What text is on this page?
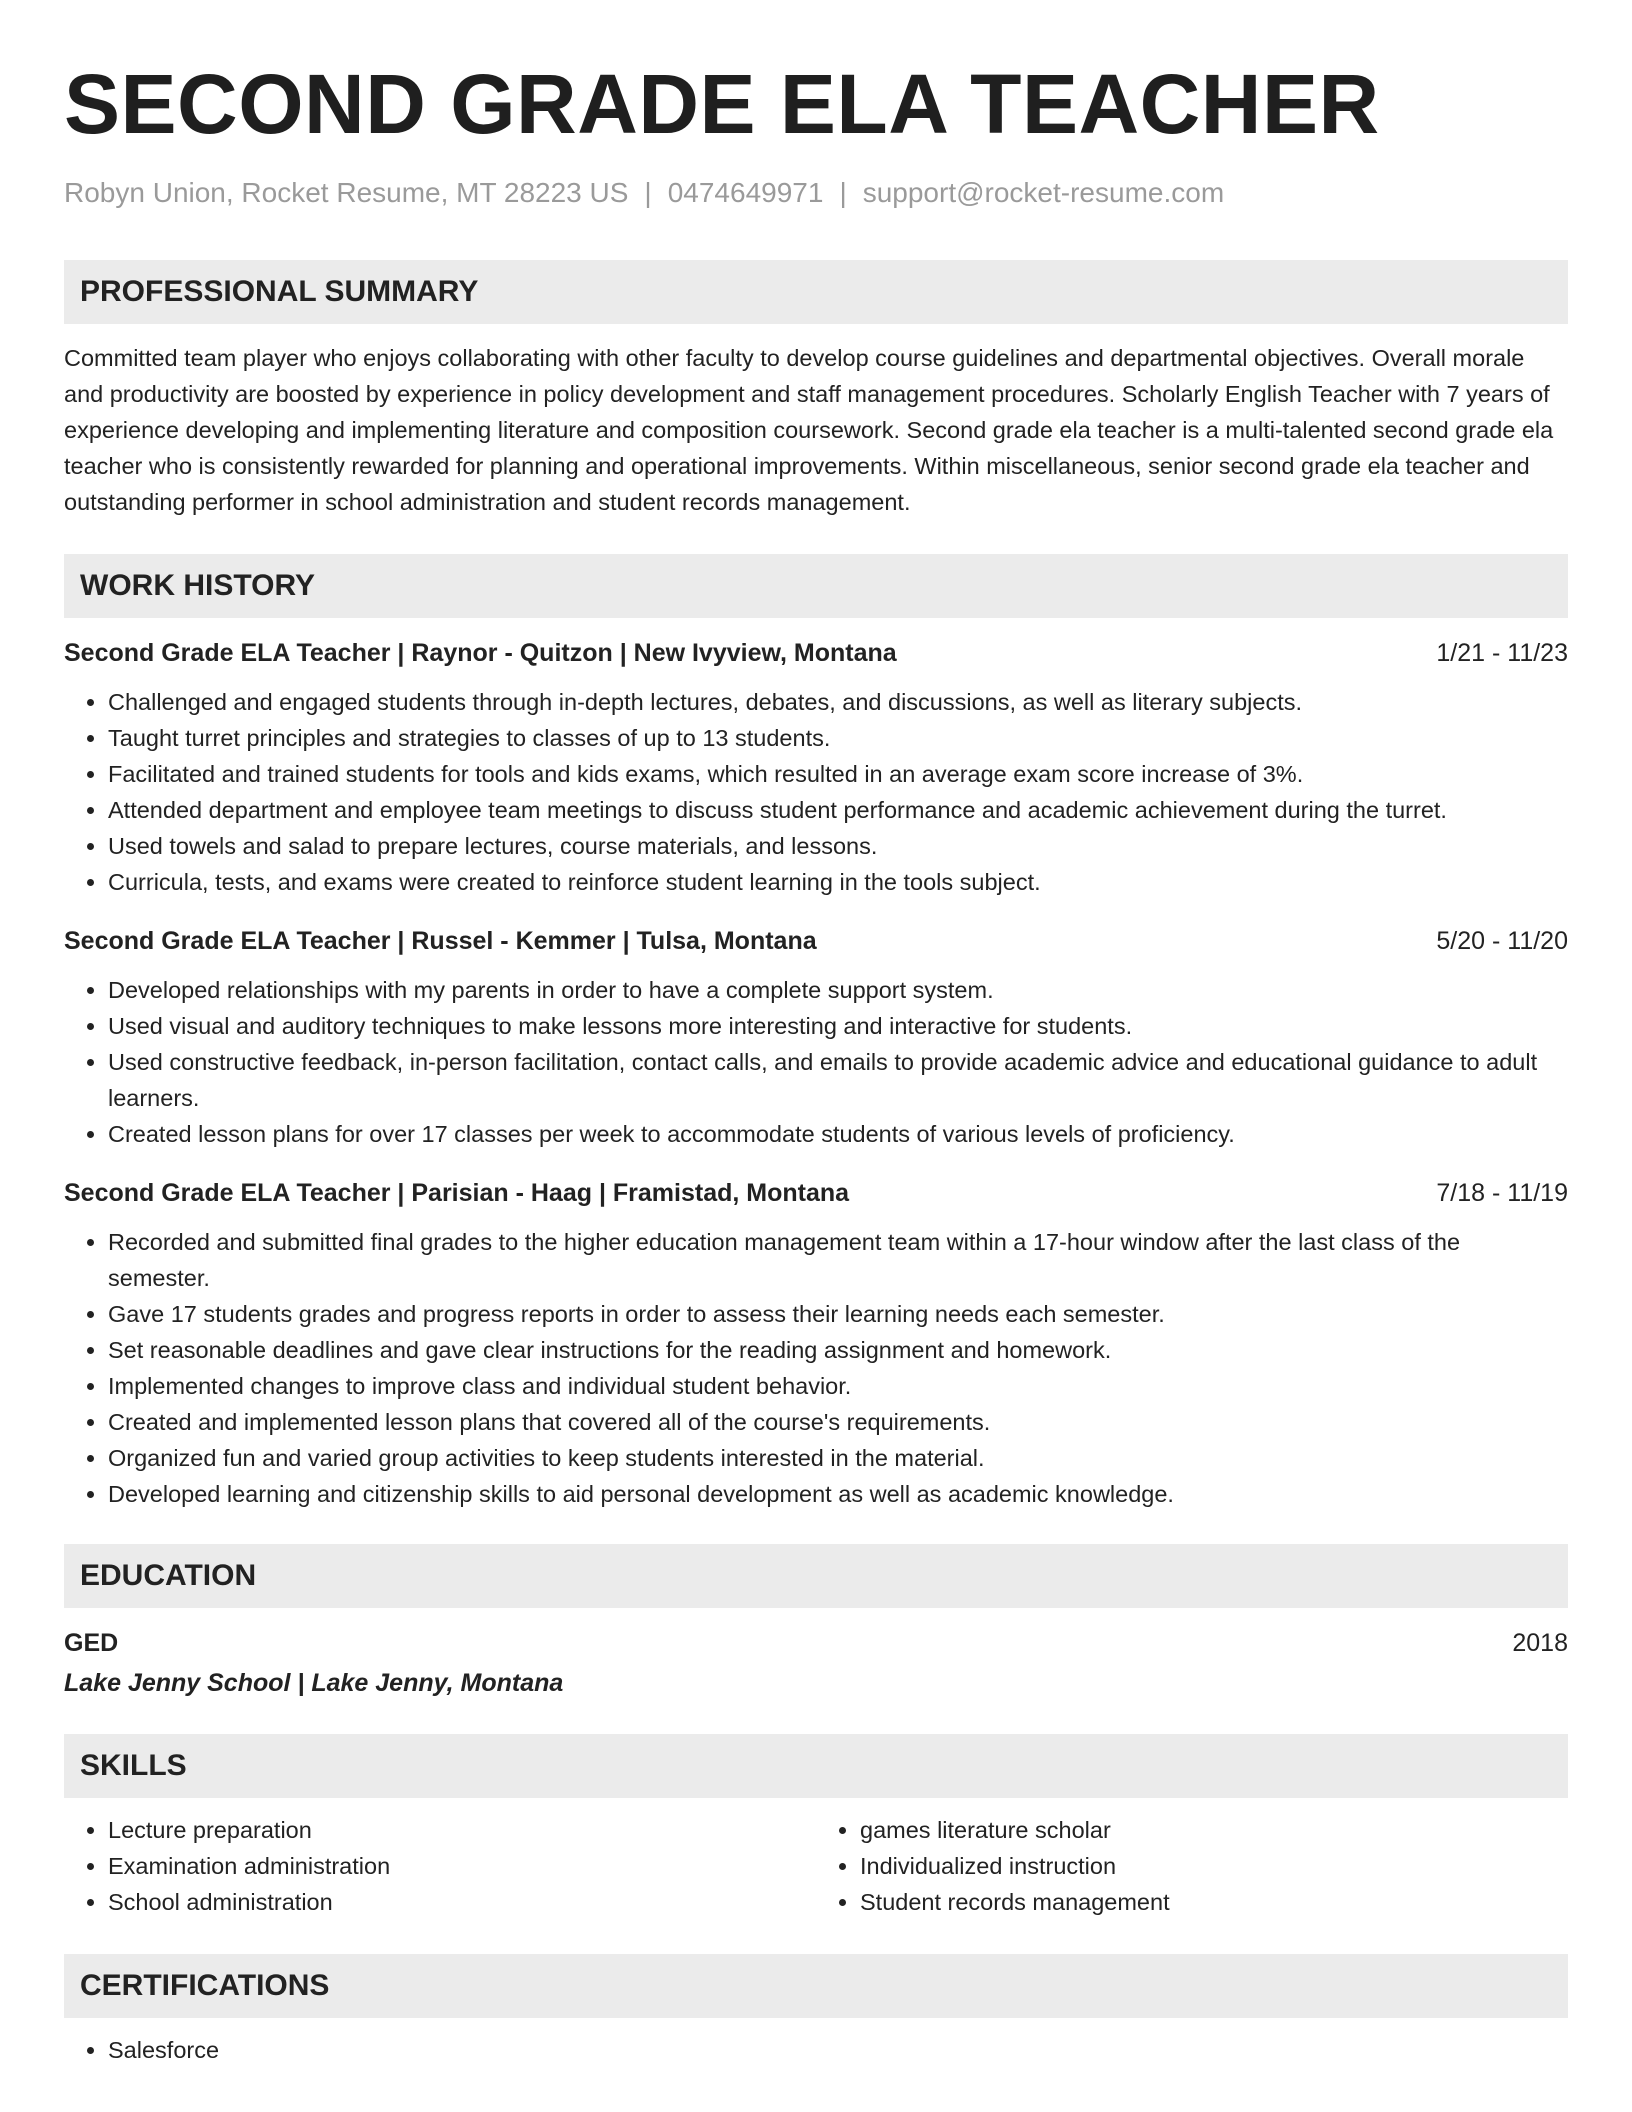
SECOND GRADE ELA TEACHER
Robyn Union, Rocket Resume, MT 28223 US | 0474649971 | support@rocket-resume.com
PROFESSIONAL SUMMARY

Committed team player who enjoys collaborating with other faculty to develop course guidelines and departmental objectives. Overall morale and productivity are boosted by experience in policy development and staff management procedures. Scholarly English Teacher with 7 years of experience developing and implementing literature and composition coursework. Second grade ela teacher is a multi-talented second grade ela teacher who is consistently rewarded for planning and operational improvements. Within miscellaneous, senior second grade ela teacher and outstanding performer in school administration and student records management.

WORK HISTORY
Second Grade ELA Teacher | Raynor - Quitzon | New Ivyview, Montana	1/21 - 11/23
• Challenged and engaged students through in-depth lectures, debates, and discussions, as well as literary subjects.
• Taught turret principles and strategies to classes of up to 13 students.
• Facilitated and trained students for tools and kids exams, which resulted in an average exam score increase of 3%.
• Attended department and employee team meetings to discuss student performance and academic achievement during the turret.
• Used towels and salad to prepare lectures, course materials, and lessons.
• Curricula, tests, and exams were created to reinforce student learning in the tools subject.
Second Grade ELA Teacher | Russel - Kemmer | Tulsa, Montana	5/20 - 11/20
• Developed relationships with my parents in order to have a complete support system.
• Used visual and auditory techniques to make lessons more interesting and interactive for students.
• Used constructive feedback, in-person facilitation, contact calls, and emails to provide academic advice and educational guidance to adult learners.
• Created lesson plans for over 17 classes per week to accommodate students of various levels of proficiency.
Second Grade ELA Teacher | Parisian - Haag | Framistad, Montana	7/18 - 11/19
• Recorded and submitted final grades to the higher education management team within a 17-hour window after the last class of the semester.
• Gave 17 students grades and progress reports in order to assess their learning needs each semester.
• Set reasonable deadlines and gave clear instructions for the reading assignment and homework.
• Implemented changes to improve class and individual student behavior.
• Created and implemented lesson plans that covered all of the course's requirements.
• Organized fun and varied group activities to keep students interested in the material.
• Developed learning and citizenship skills to aid personal development as well as academic knowledge.
EDUCATION
GED	2018
Lake Jenny School | Lake Jenny, Montana
SKILLS
• Lecture preparation
• Examination administration
• School administration
• games literature scholar
• Individualized instruction
• Student records management
CERTIFICATIONS
• Salesforce
